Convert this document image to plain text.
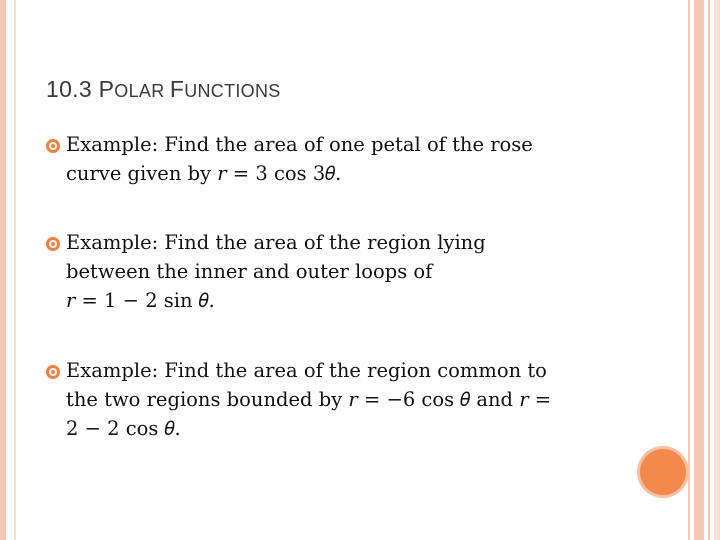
10.3 POLAR FUNCTIONS
Example: Find the area of one petal of the rose
curve given by 𝑟 = 3 cos 3𝜃.
Example: Find the area of the region lying
between the inner and outer loops of
𝑟 = 1 − 2 sin 𝜃.
Example: Find the area of the region common to
the two regions bounded by 𝑟 = −6 cos 𝜃 and 𝑟 =
2 − 2 cos 𝜃.
